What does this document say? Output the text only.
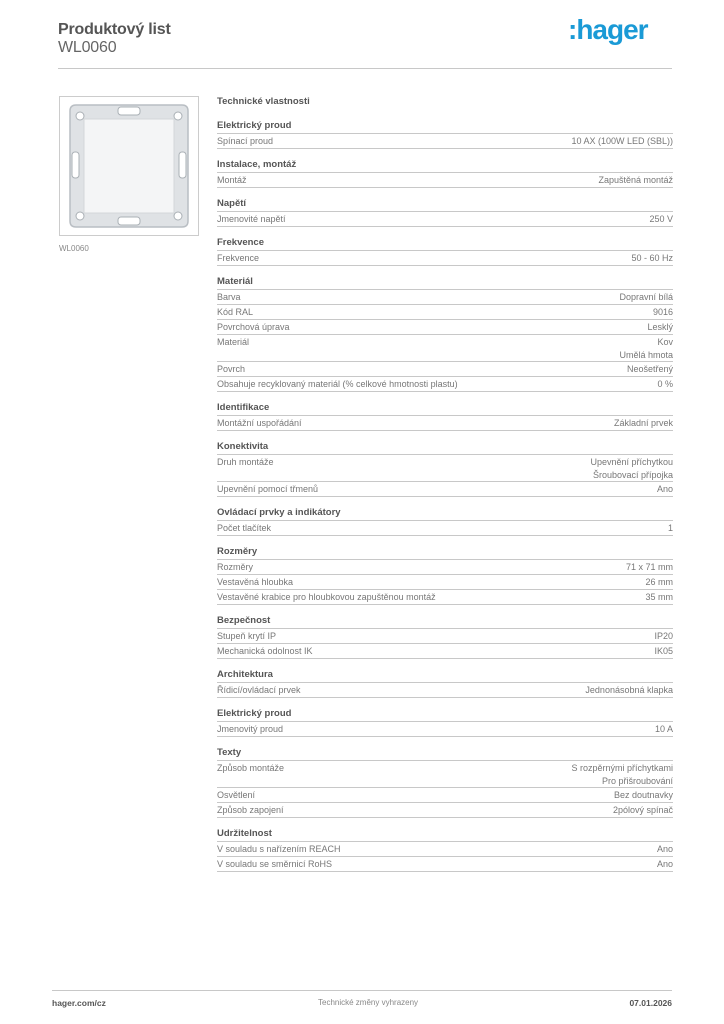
Produktový list
WL0060
:hager
WL0060
Technické vlastnosti
Elektrický proud
Spínací proud	10 AX (100W LED (SBL))
Instalace, montáž
Montáž	Zapuštěná montáž
Napětí
Jmenovité napětí	250 V
Frekvence
Frekvence	50 - 60 Hz
Materiál
Barva	Dopravní bílá
Kód RAL	9016
Povrchová úprava	Lesklý
Materiál	Kov
Umělá hmota
Povrch	Neošetřený
Obsahuje recyklovaný materiál (% celkové hmotnosti plastu)	0 %
Identifikace
Montážní uspořádání	Základní prvek
Konektivita
Druh montáže	Upevnění příchytkou
Šroubovací přípojka
Upevnění pomocí třmenů	Ano
Ovládací prvky a indikátory
Počet tlačítek	1
Rozměry
Rozměry	71 x 71 mm
Vestavěná hloubka	26 mm
Vestavěné krabice pro hloubkovou zapuštěnou montáž	35 mm
Bezpečnost
Stupeň krytí IP	IP20
Mechanická odolnost IK	IK05
Architektura
Řídicí/ovládací prvek	Jednonásobná klapka
Elektrický proud
Jmenovitý proud	10 A
Texty
Způsob montáže	S rozpěrnými příchytkami
Pro přišroubování
Osvětlení	Bez doutnavky
Způsob zapojení	2pólový spínač
Udržitelnost
V souladu s nařízením REACH	Ano
V souladu se směrnicí RoHS	Ano
hager.com/cz	Technické změny vyhrazeny	07.01.2026
